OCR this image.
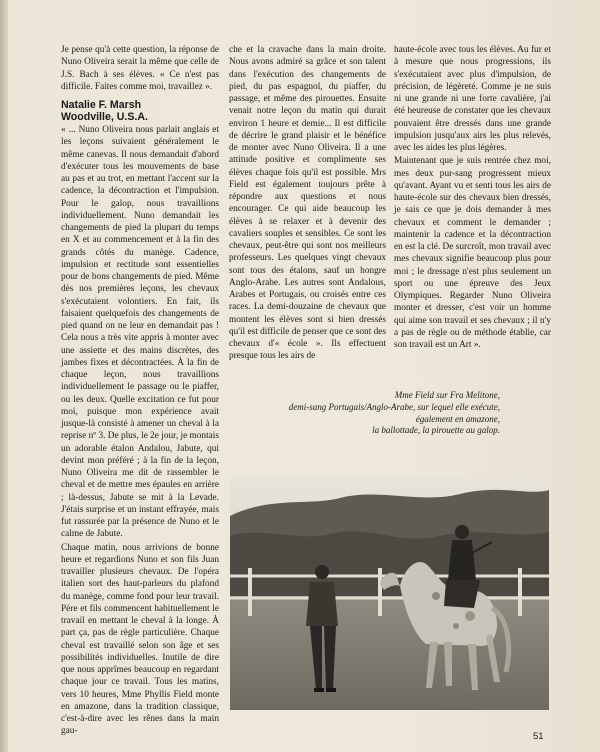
Je pense qu'à cette question, la réponse de Nuno Oliveira serait la même que celle de J.S. Bach à ses élèves. « Ce n'est pas difficile. Faites comme moi, travaillez ».

Natalie F. Marsh
Woodville, U.S.A.

« ... Nuno Oliveira nous parlait anglais et les leçons suivaient généralement le même canevas. Il nous demandait d'abord d'exécuter tous les mouvements de base au pas et au trot, en mettant l'accent sur la cadence, la décontraction et l'impulsion. Pour le galop, nous travaillions individuellement. Nuno demandait les changements de pied la plupart du temps en X et au commencement et à la fin des grands côtés du manège. Cadence, impulsion et rectitude sont essentielles pour de bons changements de pied. Même dès nos premières leçons, les chevaux s'exécutaient volontiers. En fait, ils faisaient quelquefois des changements de pied quand on ne leur en demandait pas ! Cela nous a très vite appris à monter avec une assiette et des mains discrètes, des jambes fixes et décontractées. À la fin de chaque leçon, nous travaillions individuellement le passage ou le piaffer, ou les deux. Quelle excitation ce fut pour moi, puisque mon expérience avait jusque-là consisté à amener un cheval à la reprise nº 3. De plus, le 2e jour, je montais un adorable étalon Andalou, Jabute, qui devint mon préféré ; à la fin de la leçon, Nuno Oliveira me dit de rassembler le cheval et de mettre mes épaules en arrière ; là-dessus, Jabute se mit à la Levade. J'étais surprise et un instant effrayée, mais fut rassurée par la présence de Nuno et le calme de Jabute.

Chaque matin, nous arrivions de bonne heure et regardions Nuno et son fils Juan travailler plusieurs chevaux. De l'opéra italien sort des haut-parleurs du plafond du manège, comme fond pour leur travail. Père et fils commencent habituellement le travail en mettant le cheval à la longe. À part ça, pas de règle particulière. Chaque cheval est travaillé selon son âge et ses possibilités individuelles. Inutile de dire que nous apprîmes beaucoup en regardant chaque jour ce travail. Tous les matins, vers 10 heures, Mme Phyllis Field monte en amazone, dans la tradition classique, c'est-à-dire avec les rênes dans la main gau-

che et la cravache dans la main droite. Nous avons admiré sa grâce et son talent dans l'exécution des changements de pied, du pas espagnol, du piaffer, du passage, et même des pirouettes. Ensuite venait notre leçon du matin qui durait environ 1 heure et demie... Il est difficile de décrire le grand plaisir et le bénéfice de monter avec Nuno Oliveira. Il a une attitude positive et complimente ses élèves chaque fois qu'il est possible. Mrs Field est également toujours prête à répondre aux questions et nous encourager. Ce qui aide beaucoup les élèves à se relaxer et à devenir des cavaliers souples et sensibles. Ce sont les chevaux, peut-être qui sont nos meilleurs professeurs. Les quelques vingt chevaux sont tous des étalons, sauf un hongre Anglo-Arabe. Les autres sont Andalous, Arabes et Portugais, ou croisés entre ces races. La demi-douzaine de chevaux que montent les élèves sont si bien dressés qu'il est difficile de penser que ce sont des chevaux d'« école ». Ils effectuent presque tous les airs de

haute-école avec tous les élèves. Au fur et à mesure que nous progressions, ils s'exécutaient avec plus d'impulsion, de précision, de légèreté. Comme je ne suis ni une grande ni une forte cavalière, j'ai été heureuse de constater que les chevaux pouvaient être dressés dans une grande impulsion jusqu'aux airs les plus relevés, avec les aides les plus légères.

Maintenant que je suis rentrée chez moi, mes deux pur-sang progressent mieux qu'avant. Ayant vu et senti tous les airs de haute-école sur des chevaux bien dressés, je sais ce que je dois demander à mes chevaux et comment le demander ; maintenir la cadence et la décontraction en est la clé. De surcroît, mon travail avec mes chevaux signifie beaucoup plus pour moi ; le dressage n'est plus seulement un sport ou une épreuve des Jeux Olympiques. Regarder Nuno Oliveira monter et dresser, c'est voir un homme qui aime son travail et ses chevaux ; il n'y a pas de règle ou de méthode établie, car son travail est un Art ».

Mme Field sur Fra Melitone,
demi-sang Portugais/Anglo-Arabe, sur lequel elle exécute,
également en amazone,
la ballottade, la pirouette au galop.
51
